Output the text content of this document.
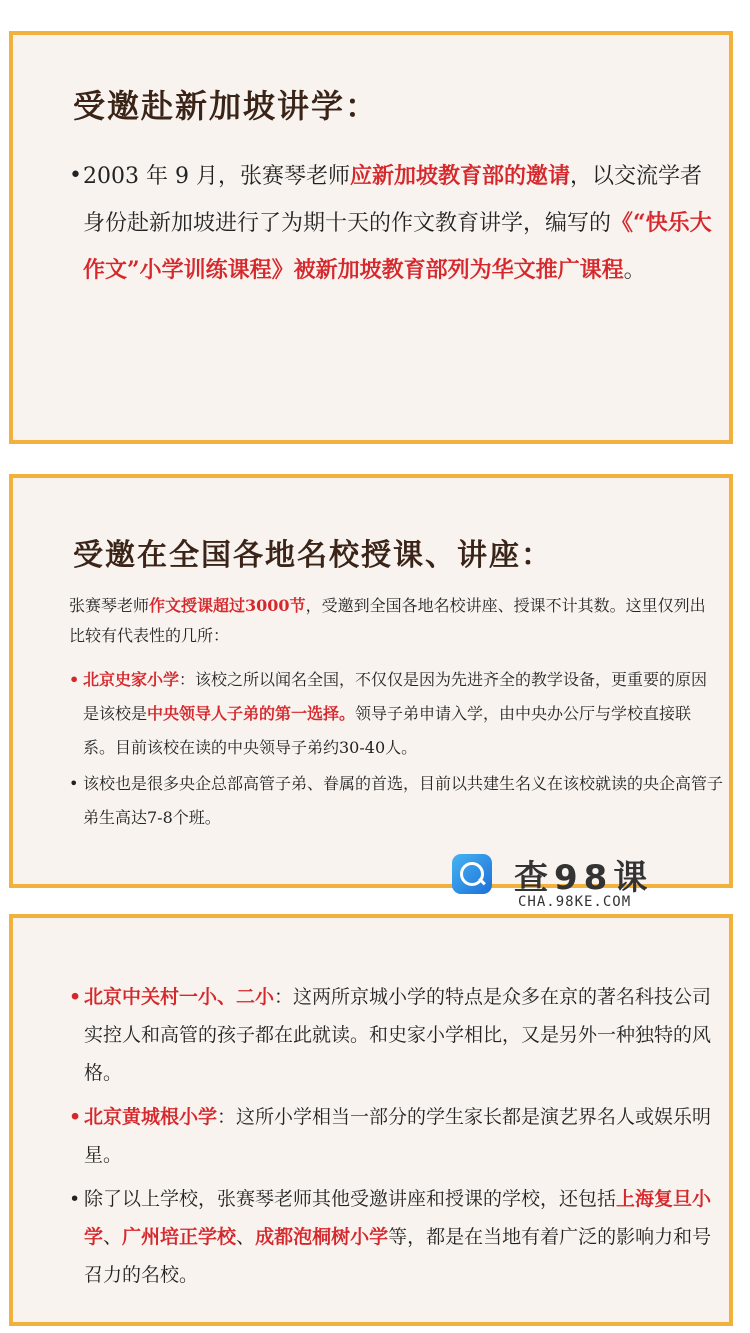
受邀赴新加坡讲学：
• 2003 年 9 月，张赛琴老师应新加坡教育部的邀请，以交流学者身份赴新加坡进行了为期十天的作文教育讲学，编写的《“快乐大作文”小学训练课程》被新加坡教育部列为华文推广课程。
受邀在全国各地名校授课、讲座：
张赛琴老师作文授课超过3000节，受邀到全国各地名校讲座、授课不计其数。这里仅列出比较有代表性的几所：
• 北京史家小学：该校之所以闻名全国，不仅仅是因为先进齐全的教学设备，更重要的原因是该校是中央领导人子弟的第一选择。领导子弟申请入学，由中央办公厅与学校直接联系。目前该校在读的中央领导子弟约30-40人。
• 该校也是很多央企总部高管子弟、眷属的首选，目前以共建生名义在该校就读的央企高管子弟生高达7-8个班。
• 北京中关村一小、二小：这两所京城小学的特点是众多在京的著名科技公司实控人和高管的孩子都在此就读。和史家小学相比，又是另外一种独特的风格。
• 北京黄城根小学：这所小学相当一部分的学生家长都是演艺界名人或娱乐明星。
• 除了以上学校，张赛琴老师其他受邀讲座和授课的学校，还包括上海复旦小学、广州培正学校、成都泡桐树小学等，都是在当地有着广泛的影响力和号召力的名校。
查98课
CHA.98KE.COM
